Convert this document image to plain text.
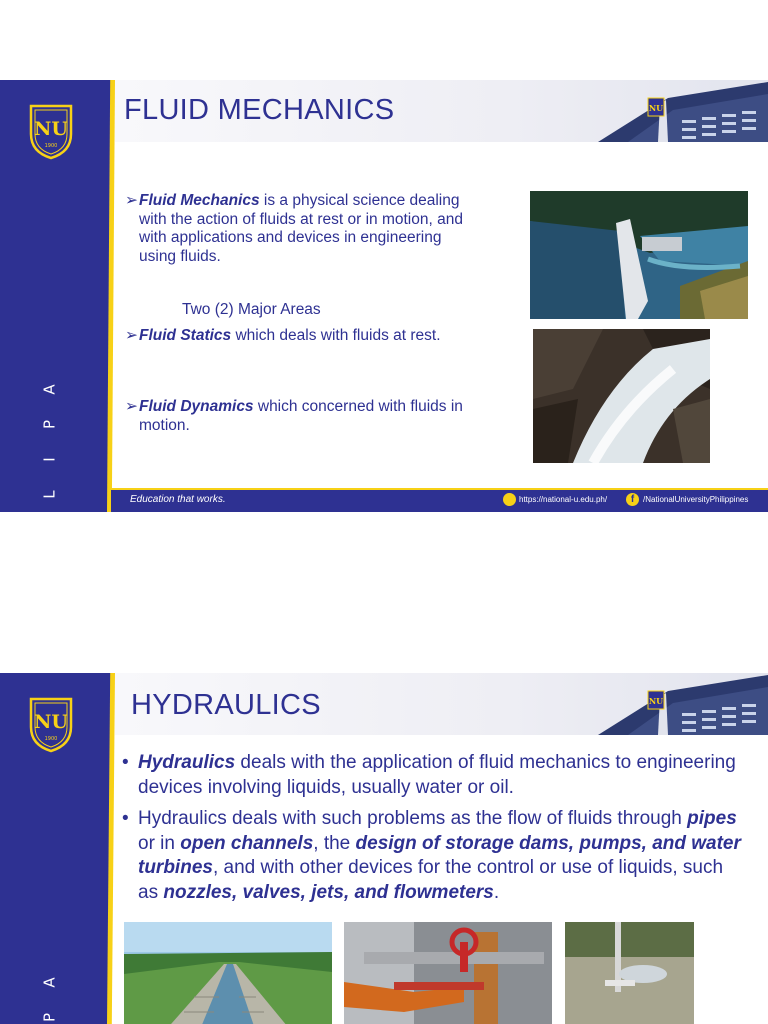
NU
1900
A
P
I
L
FLUID MECHANICS	NU
➢ Fluid Mechanics is a physical science dealing with the action of fluids at rest or in motion, and with applications and devices in engineering using fluids.
Two (2) Major Areas
➢ Fluid Statics which deals with fluids at rest.
➢ Fluid Dynamics which concerned with fluids in motion.
Education that works.	https://national-u.edu.ph/	f	/NationalUniversityPhilippines
NU
1900
A
P
HYDRAULICS	NU
• Hydraulics deals with the application of fluid mechanics to engineering devices involving liquids, usually water or oil.
• Hydraulics deals with such problems as the flow of fluids through pipes or in open channels, the design of storage dams, pumps, and water turbines, and with other devices for the control or use of liquids, such as nozzles, valves, jets, and flowmeters.
